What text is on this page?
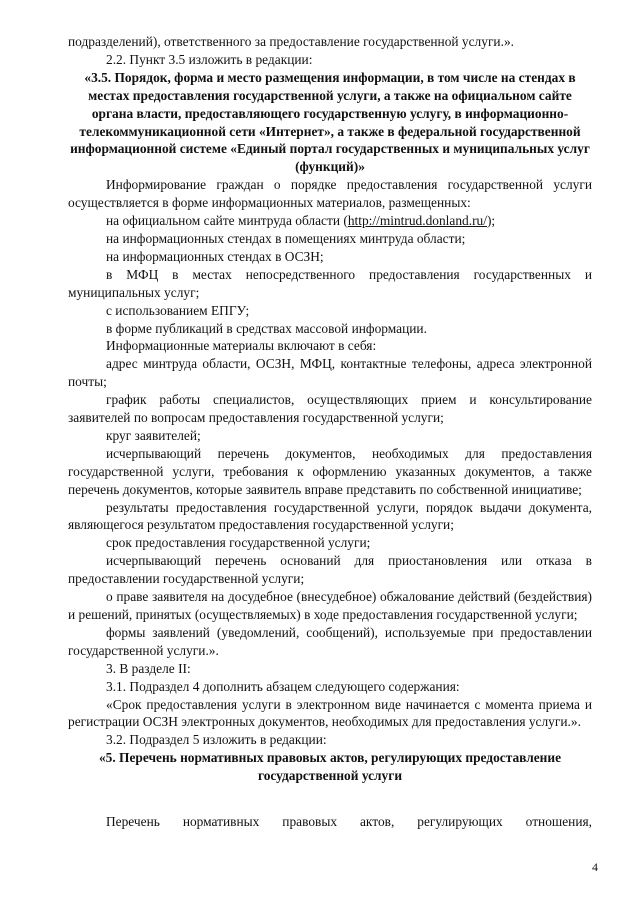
подразделений), ответственного за предоставление государственной услуги.».

2.2. Пункт 3.5 изложить в редакции:

«3.5. Порядок, форма и место размещения информации, в том числе на стендах в местах предоставления государственной услуги, а также на официальном сайте органа власти, предоставляющего государственную услугу, в информационно-телекоммуникационной сети «Интернет», а также в федеральной государственной информационной системе «Единый портал государственных и муниципальных услуг (функций)»

Информирование граждан о порядке предоставления государственной услуги осуществляется в форме информационных материалов, размещенных:

на официальном сайте минтруда области (http://mintrud.donland.ru/);

на информационных стендах в помещениях минтруда области;

на информационных стендах в ОСЗН;

в МФЦ в местах непосредственного предоставления государственных и муниципальных услуг;

с использованием ЕПГУ;

в форме публикаций в средствах массовой информации.

Информационные материалы включают в себя:

адрес минтруда области, ОСЗН, МФЦ, контактные телефоны, адреса электронной почты;

график работы специалистов, осуществляющих прием и консультирование заявителей по вопросам предоставления государственной услуги;

круг заявителей;

исчерпывающий перечень документов, необходимых для предоставления государственной услуги, требования к оформлению указанных документов, а также перечень документов, которые заявитель вправе представить по собственной инициативе;

результаты предоставления государственной услуги, порядок выдачи документа, являющегося результатом предоставления государственной услуги;

срок предоставления государственной услуги;

исчерпывающий перечень оснований для приостановления или отказа в предоставлении государственной услуги;

о праве заявителя на досудебное (внесудебное) обжалование действий (бездействия) и решений, принятых (осуществляемых) в ходе предоставления государственной услуги;

формы заявлений (уведомлений, сообщений), используемые при предоставлении государственной услуги.».

3. В разделе II:

3.1. Подраздел 4 дополнить абзацем следующего содержания:

«Срок предоставления услуги в электронном виде начинается с момента приема и регистрации ОСЗН электронных документов, необходимых для предоставления услуги.».

3.2. Подраздел 5 изложить в редакции:

«5. Перечень нормативных правовых актов, регулирующих предоставление государственной услуги

Перечень нормативных правовых актов, регулирующих отношения,

4
